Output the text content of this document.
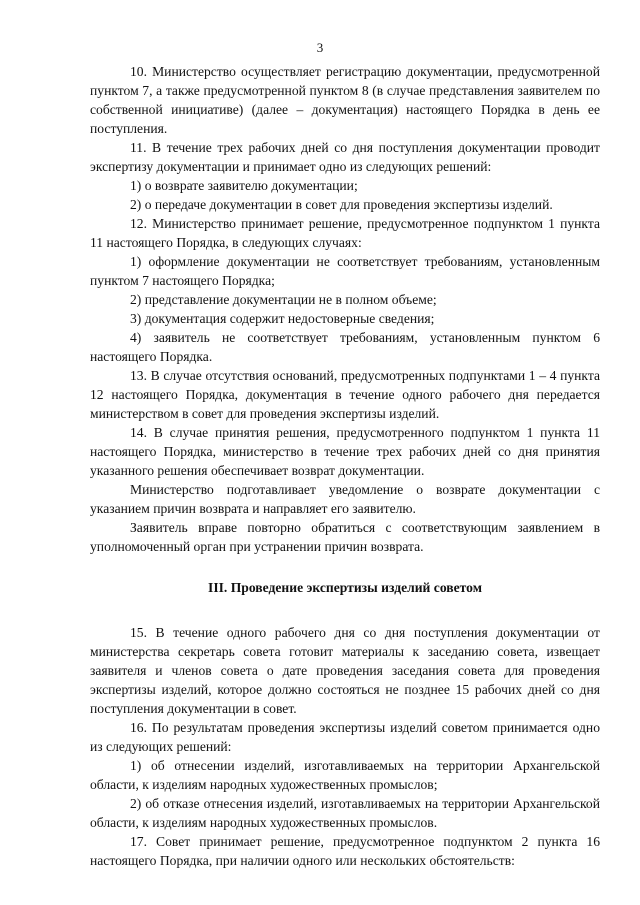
3

10. Министерство осуществляет регистрацию документации, предусмотренной пунктом 7, а также предусмотренной пунктом 8 (в случае представления заявителем по собственной инициативе) (далее – документация) настоящего Порядка в день ее поступления.

11. В течение трех рабочих дней со дня поступления документации проводит экспертизу документации и принимает одно из следующих решений:

1) о возврате заявителю документации;

2) о передаче документации в совет для проведения экспертизы изделий.

12. Министерство принимает решение, предусмотренное подпунктом 1 пункта 11 настоящего Порядка, в следующих случаях:

1) оформление документации не соответствует требованиям, установленным пунктом 7 настоящего Порядка;

2) представление документации не в полном объеме;

3) документация содержит недостоверные сведения;

4) заявитель не соответствует требованиям, установленным пунктом 6 настоящего Порядка.

13. В случае отсутствия оснований, предусмотренных подпунктами 1 – 4 пункта 12 настоящего Порядка, документация в течение одного рабочего дня передается министерством в совет для проведения экспертизы изделий.

14. В случае принятия решения, предусмотренного подпунктом 1 пункта 11 настоящего Порядка, министерство в течение трех рабочих дней со дня принятия указанного решения обеспечивает возврат документации.

Министерство подготавливает уведомление о возврате документации с указанием причин возврата и направляет его заявителю.

Заявитель вправе повторно обратиться с соответствующим заявлением в уполномоченный орган при устранении причин возврата.

III. Проведение экспертизы изделий советом

15. В течение одного рабочего дня со дня поступления документации от министерства секретарь совета готовит материалы к заседанию совета, извещает заявителя и членов совета о дате проведения заседания совета для проведения экспертизы изделий, которое должно состояться не позднее 15 рабочих дней со дня поступления документации в совет.

16. По результатам проведения экспертизы изделий советом принимается одно из следующих решений:

1) об отнесении изделий, изготавливаемых на территории Архангельской области, к изделиям народных художественных промыслов;

2) об отказе отнесения изделий, изготавливаемых на территории Архангельской области, к изделиям народных художественных промыслов.

17. Совет принимает решение, предусмотренное подпунктом 2 пункта 16 настоящего Порядка, при наличии одного или нескольких обстоятельств:
